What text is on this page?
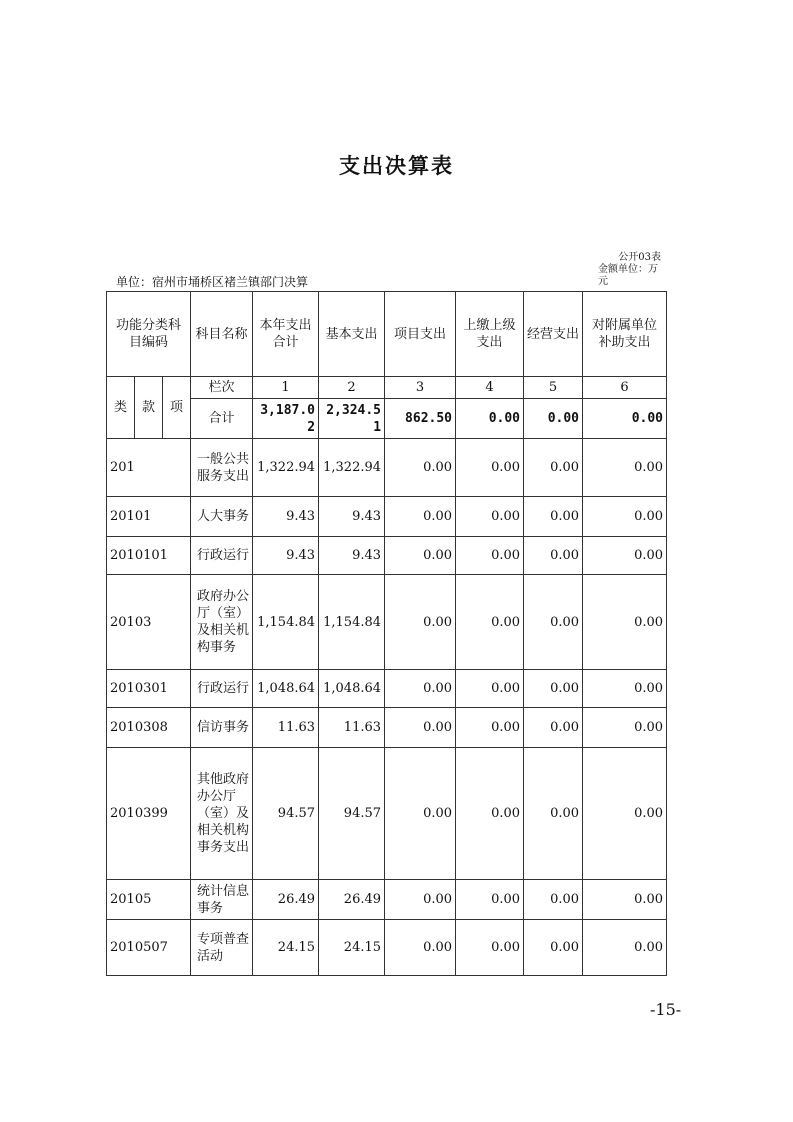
支出决算表
公开03表
金额单位：万元
单位：宿州市埇桥区褚兰镇部门决算
功能分类科目编码			科目名称	本年支出合计	基本支出	项目支出	上缴上级支出	经营支出	对附属单位补助支出
类	款	项	栏次	1	2	3	4	5	6
			合计	3,187.02	2,324.51	862.50	0.00	0.00	0.00
201			一般公共服务支出	1,322.94	1,322.94	0.00	0.00	0.00	0.00
20101			人大事务	9.43	9.43	0.00	0.00	0.00	0.00
2010101			行政运行	9.43	9.43	0.00	0.00	0.00	0.00
20103			政府办公厅（室）及相关机构事务	1,154.84	1,154.84	0.00	0.00	0.00	0.00
2010301			行政运行	1,048.64	1,048.64	0.00	0.00	0.00	0.00
2010308			信访事务	11.63	11.63	0.00	0.00	0.00	0.00
2010399			其他政府办公厅（室）及相关机构事务支出	94.57	94.57	0.00	0.00	0.00	0.00
20105			统计信息事务	26.49	26.49	0.00	0.00	0.00	0.00
2010507			专项普查活动	24.15	24.15	0.00	0.00	0.00	0.00
-15-
